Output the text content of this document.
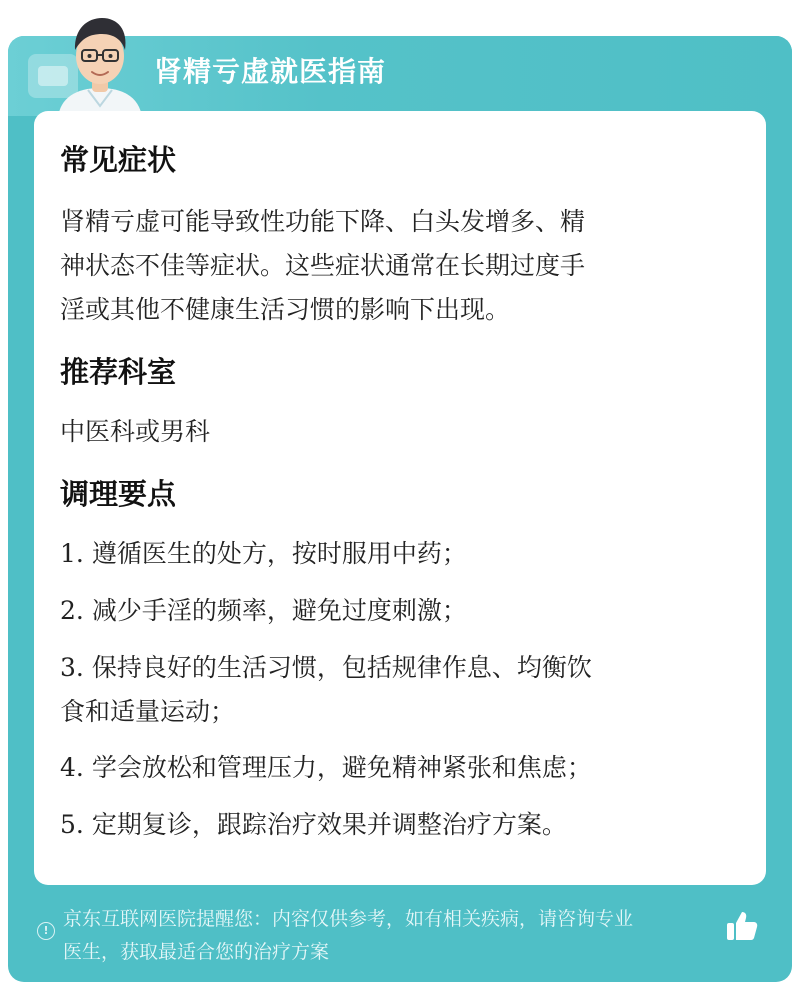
肾精亏虚就医指南
常见症状
肾精亏虚可能导致性功能下降、白头发增多、精
神状态不佳等症状。这些症状通常在长期过度手
淫或其他不健康生活习惯的影响下出现。
推荐科室
中医科或男科
调理要点
1. 遵循医生的处方，按时服用中药；
2. 减少手淫的频率，避免过度刺激；
3. 保持良好的生活习惯，包括规律作息、均衡饮
食和适量运动；
4. 学会放松和管理压力，避免精神紧张和焦虑；
5. 定期复诊，跟踪治疗效果并调整治疗方案。
!
京东互联网医院提醒您：内容仅供参考，如有相关疾病，请咨询专业
医生，获取最适合您的治疗方案
